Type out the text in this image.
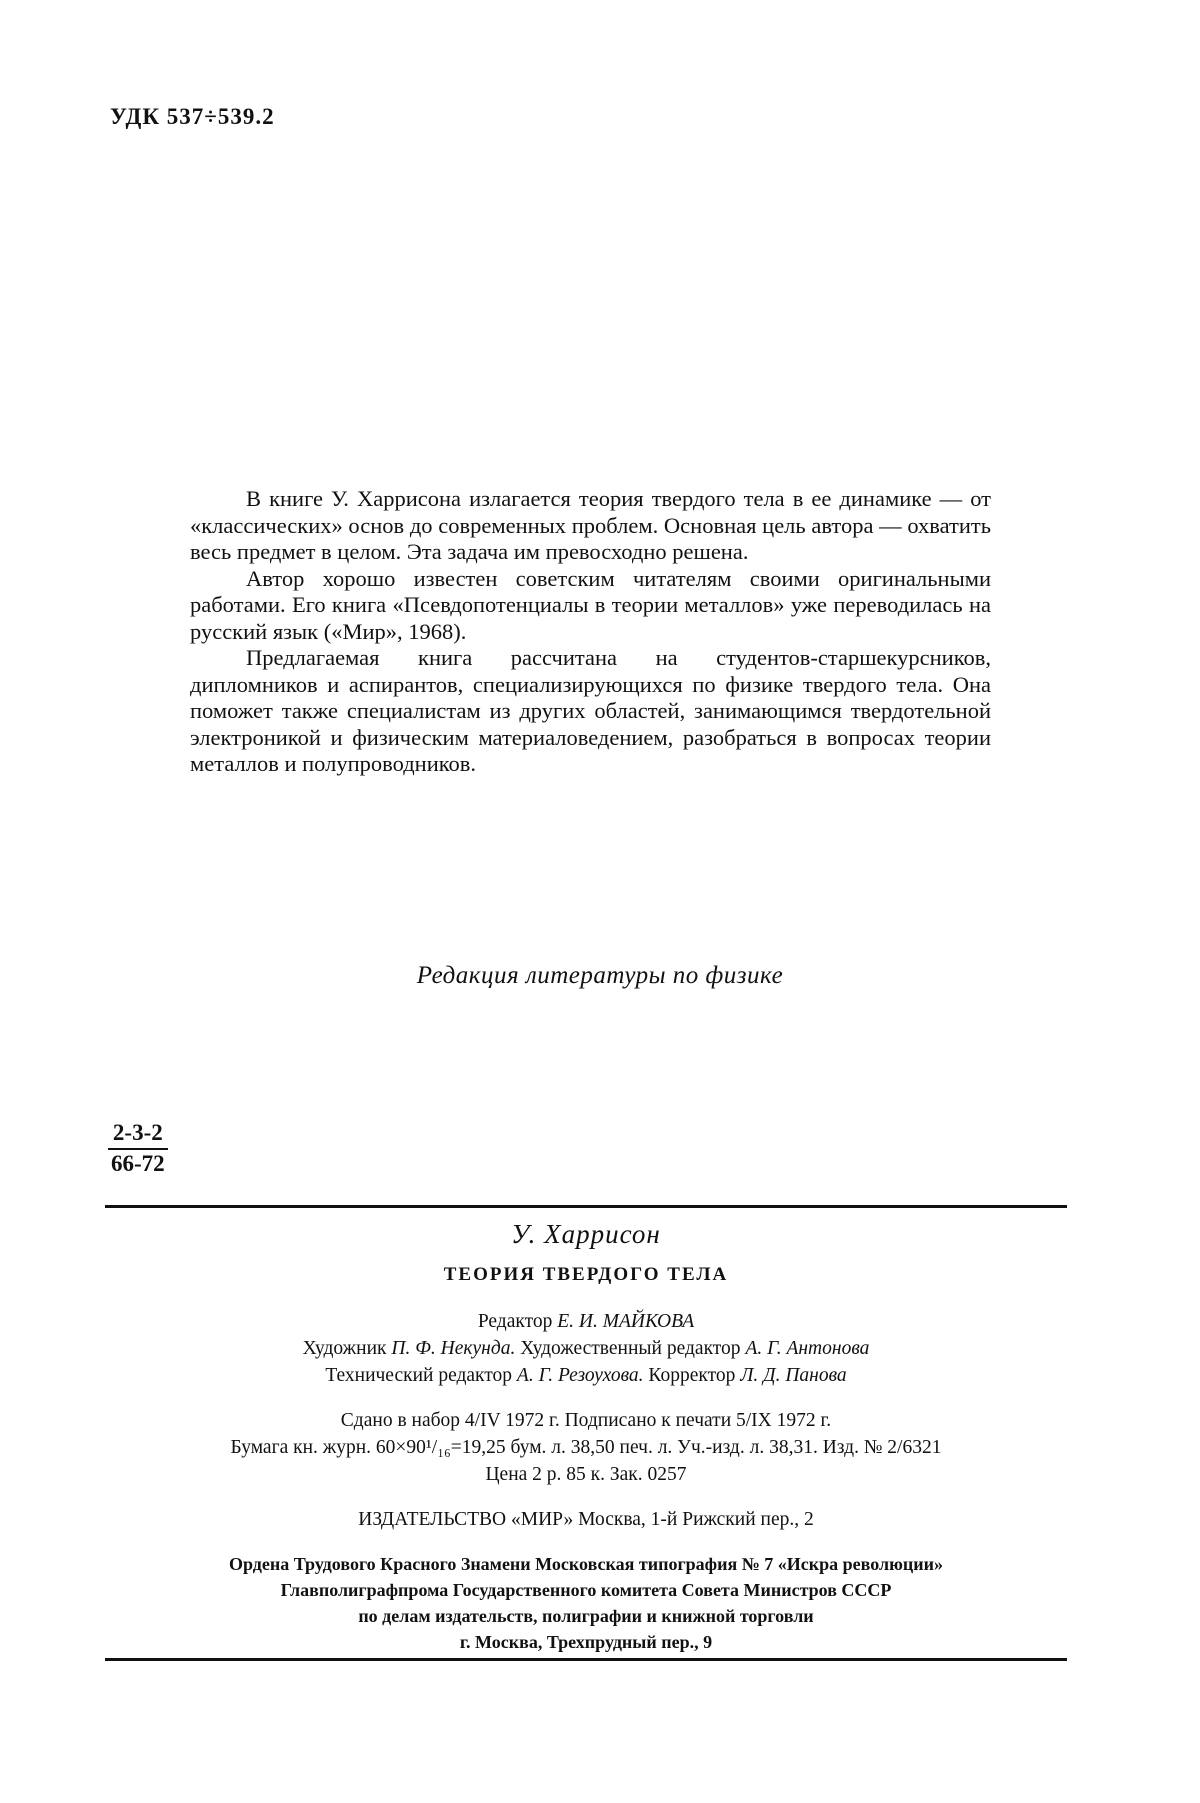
УДК 537÷539.2

В книге У. Харрисона излагается теория твердого тела в ее динамике — от «классических» основ до современных проблем. Основная цель автора — охватить весь предмет в целом. Эта задача им превосходно решена.

Автор хорошо известен советским читателям своими оригинальными работами. Его книга «Псевдопотенциалы в теории металлов» уже переводилась на русский язык («Мир», 1968).

Предлагаемая книга рассчитана на студентов-старшекурсников, дипломников и аспирантов, специализирующихся по физике твердого тела. Она поможет также специалистам из других областей, занимающимся твердотельной электроникой и физическим материаловедением, разобраться в вопросах теории металлов и полупроводников.

Редакция литературы по физике
$\frac{2-3-2}{66-72}$
У. Харрисон
ТЕОРИЯ ТВЕРДОГО ТЕЛА
Редактор Е. И. МАЙКОВА
Художник П. Ф. Некунда. Художественный редактор А. Г. Антонова
Технический редактор А. Г. Резоухова. Корректор Л. Д. Панова
Сдано в набор 4/IV 1972 г. Подписано к печати 5/IX 1972 г.
Бумага кн. журн. 60×90¹/₁₆=19,25 бум. л. 38,50 печ. л. Уч.-изд. л. 38,31. Изд. № 2/6321
Цена 2 р. 85 к. Зак. 0257
ИЗДАТЕЛЬСТВО «МИР» Москва, 1-й Рижский пер., 2
Ордена Трудового Красного Знамени Московская типография № 7 «Искра революции»
Главполиграфпрома Государственного комитета Совета Министров СССР
по делам издательств, полиграфии и книжной торговли
г. Москва, Трехпрудный пер., 9
